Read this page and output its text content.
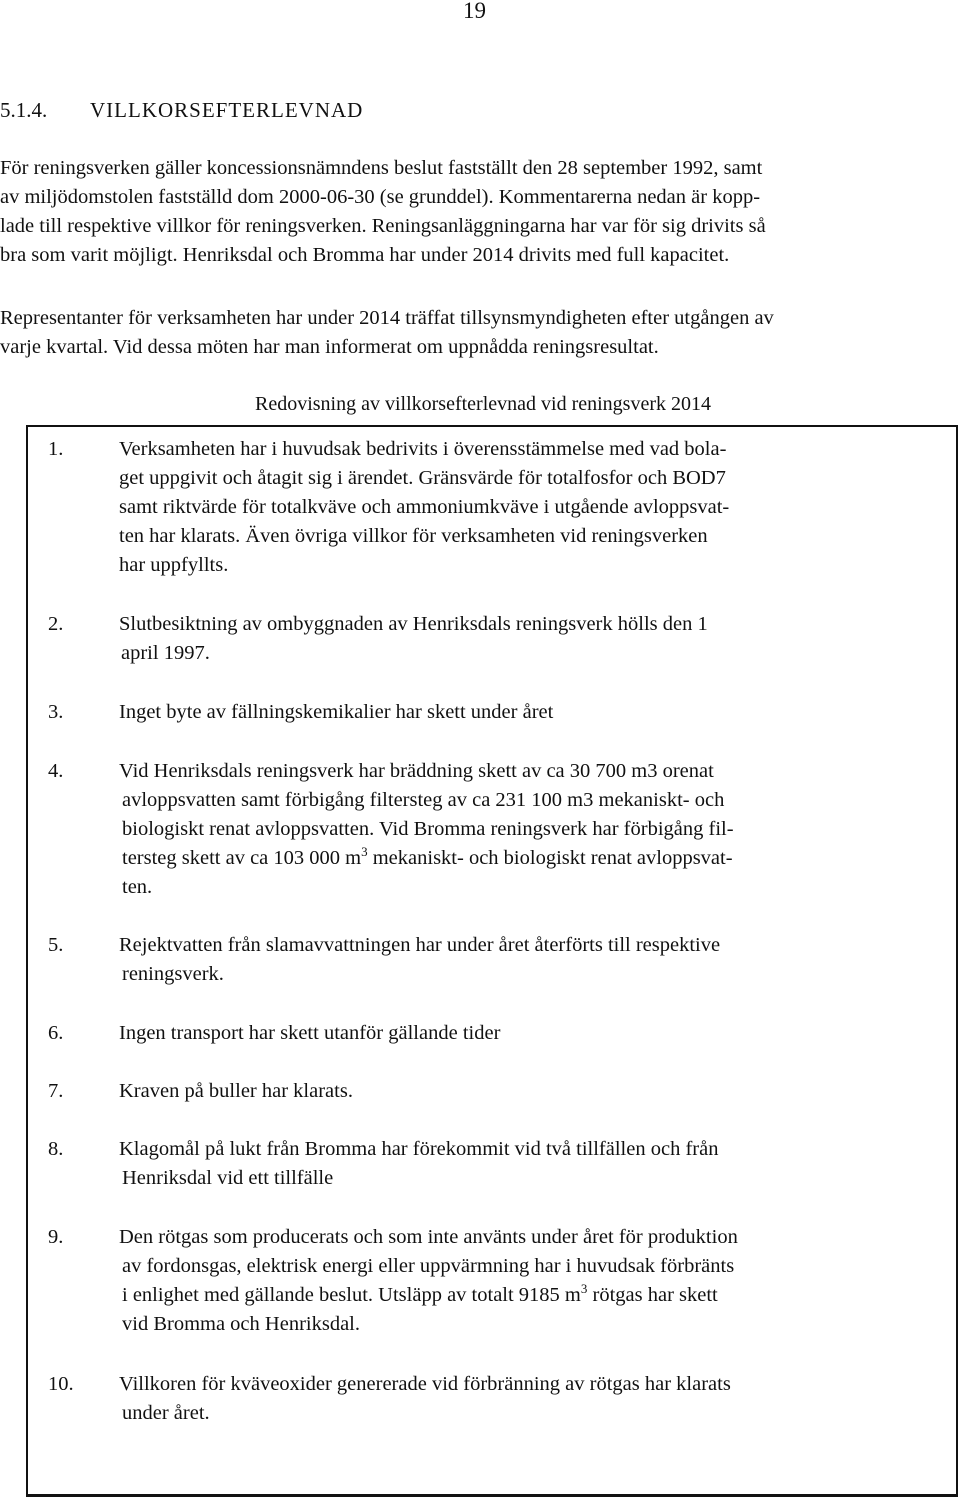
19
5.1.4. VILLKORSEFTERLEVNAD
För reningsverken gäller koncessionsnämndens beslut fastställt den 28 september 1992, samt
av miljödomstolen fastställd dom 2000-06-30 (se grunddel). Kommentarerna nedan är kopp-
lade till respektive villkor för reningsverken. Reningsanläggningarna har var för sig drivits så
bra som varit möjligt. Henriksdal och Bromma har under 2014 drivits med full kapacitet.
Representanter för verksamheten har under 2014 träffat tillsynsmyndigheten efter utgången av
varje kvartal. Vid dessa möten har man informerat om uppnådda reningsresultat.
Redovisning av villkorsefterlevnad vid reningsverk 2014
1.	Verksamheten har i huvudsak bedrivits i överensstämmelse med vad bola-
get uppgivit och åtagit sig i ärendet. Gränsvärde för totalfosfor och BOD7
samt riktvärde för totalkväve och ammoniumkväve i utgående avloppsvat-
ten har klarats. Även övriga villkor för verksamheten vid reningsverken
har uppfyllts.
2.	Slutbesiktning av ombyggnaden av Henriksdals reningsverk hölls den 1
april 1997.
3.	Inget byte av fällningskemikalier har skett under året
4.	Vid Henriksdals reningsverk har bräddning skett av ca 30 700 m3 orenat
avloppsvatten samt förbigång filtersteg av ca 231 100 m3 mekaniskt- och
biologiskt renat avloppsvatten. Vid Bromma reningsverk har förbigång fil-
tersteg skett av ca 103 000 $m^3$ mekaniskt- och biologiskt renat avloppsvat-
ten.
5.	Rejektvatten från slamavvattningen har under året återförts till respektive
reningsverk.
6.	Ingen transport har skett utanför gällande tider
7.	Kraven på buller har klarats.
8.	Klagomål på lukt från Bromma har förekommit vid två tillfällen och från
Henriksdal vid ett tillfälle
9.	Den rötgas som producerats och som inte använts under året för produktion
av fordonsgas, elektrisk energi eller uppvärmning har i huvudsak förbränts
i enlighet med gällande beslut. Utsläpp av totalt 9185 $m^3$ rötgas har skett
vid Bromma och Henriksdal.
10. Villkoren för kväveoxider genererade vid förbränning av rötgas har klarats
under året.
